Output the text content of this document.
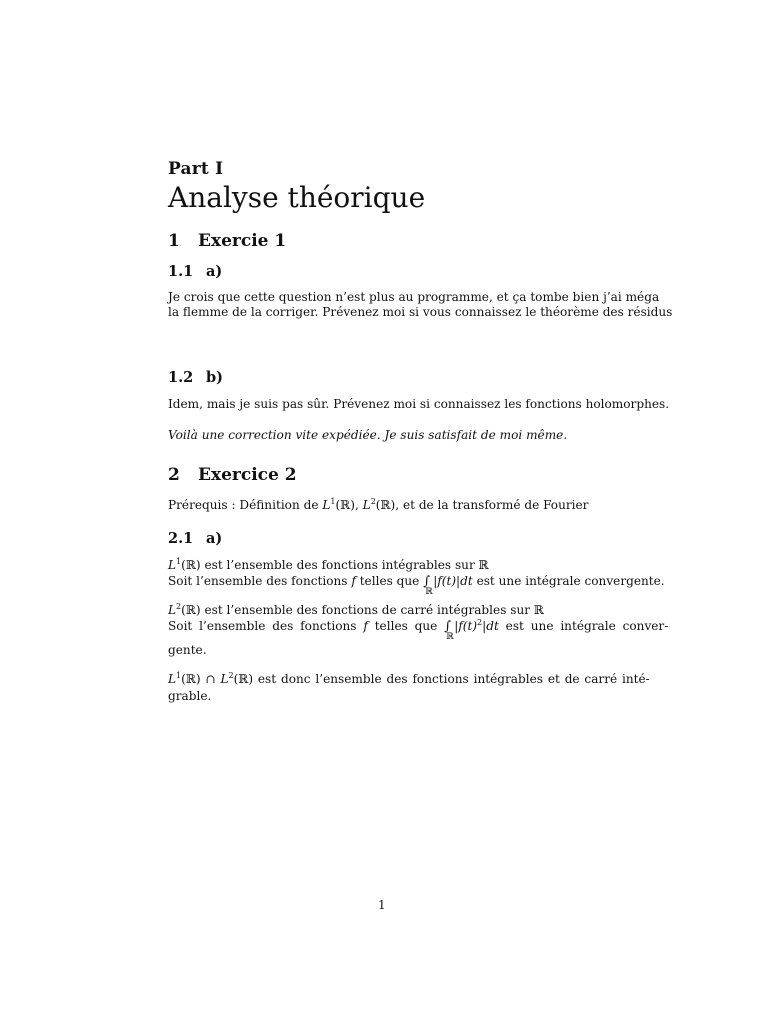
Part I
Analyse théorique
1 Exercie 1
1.1 a)
Je crois que cette question n’est plus au programme, et ça tombe bien j’ai méga
la flemme de la corriger. Prévenez moi si vous connaissez le théorème des résidus
1.2 b)
Idem, mais je suis pas sûr. Prévenez moi si connaissez les fonctions holomorphes.
Voilà une correction vite expédiée. Je suis satisfait de moi même.
2 Exercice 2
Prérequis : Définition de $L^1(ℝ)$, $L^2(ℝ)$, et de la transformé de Fourier
2.1 a)
$L^1(ℝ)$ est l’ensemble des fonctions intégrables sur ℝ
Soit l’ensemble des fonctions f telles que ∫
ℝ
|f(t)|dt est une intégrale convergente.
$L^2(ℝ)$ est l’ensemble des fonctions de carré intégrables sur ℝ
Soit l’ensemble des fonctions f telles que ∫
ℝ
$|f(t)^2|dt$ est une intégrale conver-
gente.
$L^1(ℝ)$ ∩ $L^2(ℝ)$ est donc l’ensemble des fonctions intégrables et de carré inté-
grable.
1
